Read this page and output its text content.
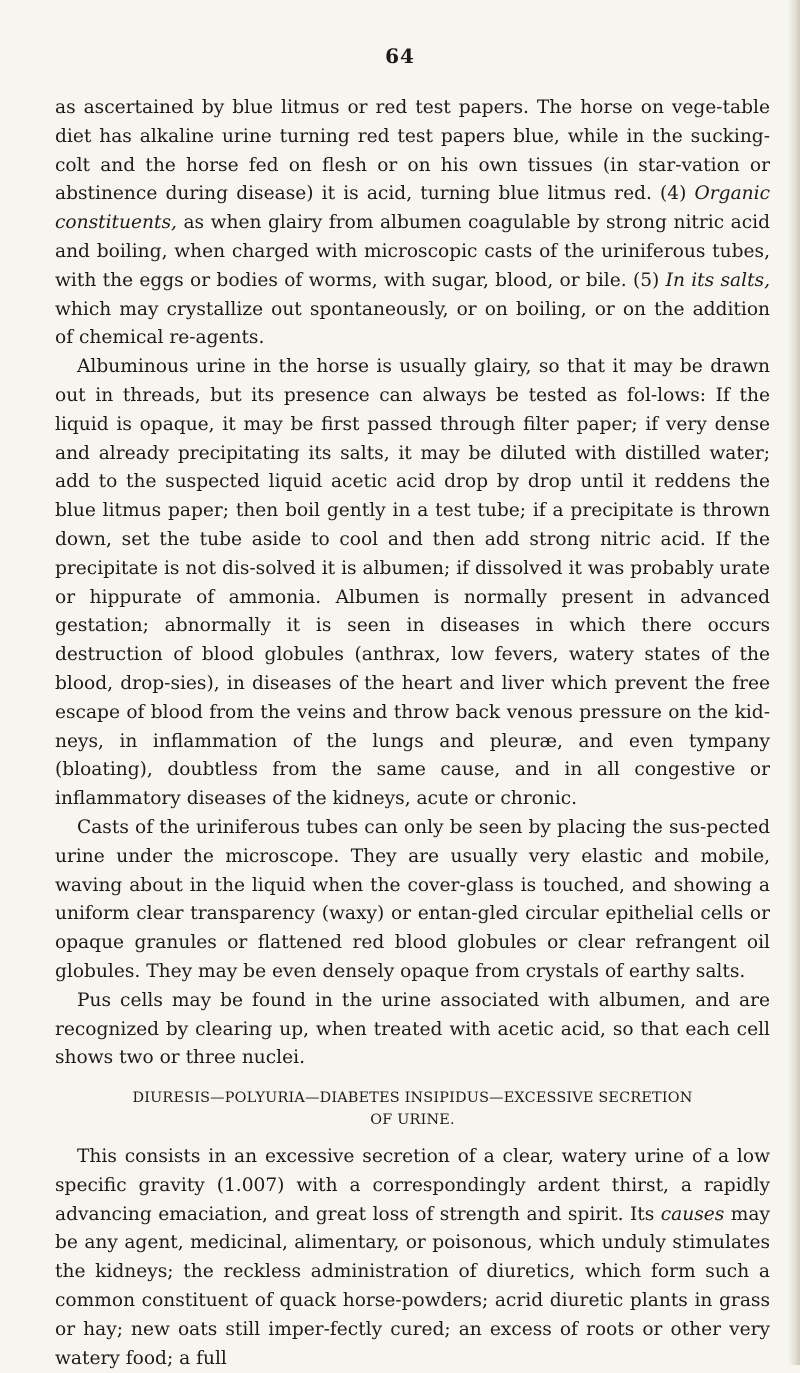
64

as ascertained by blue litmus or red test papers. The horse on vege-table diet has alkaline urine turning red test papers blue, while in the sucking-colt and the horse fed on flesh or on his own tissues (in star-vation or abstinence during disease) it is acid, turning blue litmus red. (4) Organic constituents, as when glairy from albumen coagulable by strong nitric acid and boiling, when charged with microscopic casts of the uriniferous tubes, with the eggs or bodies of worms, with sugar, blood, or bile. (5) In its salts, which may crystallize out spontaneously, or on boiling, or on the addition of chemical re-agents.

Albuminous urine in the horse is usually glairy, so that it may be drawn out in threads, but its presence can always be tested as fol-lows: If the liquid is opaque, it may be first passed through filter paper; if very dense and already precipitating its salts, it may be diluted with distilled water; add to the suspected liquid acetic acid drop by drop until it reddens the blue litmus paper; then boil gently in a test tube; if a precipitate is thrown down, set the tube aside to cool and then add strong nitric acid. If the precipitate is not dis-solved it is albumen; if dissolved it was probably urate or hippurate of ammonia. Albumen is normally present in advanced gestation; abnormally it is seen in diseases in which there occurs destruction of blood globules (anthrax, low fevers, watery states of the blood, drop-sies), in diseases of the heart and liver which prevent the free escape of blood from the veins and throw back venous pressure on the kid-neys, in inflammation of the lungs and pleuræ, and even tympany (bloating), doubtless from the same cause, and in all congestive or inflammatory diseases of the kidneys, acute or chronic.

Casts of the uriniferous tubes can only be seen by placing the sus-pected urine under the microscope. They are usually very elastic and mobile, waving about in the liquid when the cover-glass is touched, and showing a uniform clear transparency (waxy) or entan-gled circular epithelial cells or opaque granules or flattened red blood globules or clear refrangent oil globules. They may be even densely opaque from crystals of earthy salts.

Pus cells may be found in the urine associated with albumen, and are recognized by clearing up, when treated with acetic acid, so that each cell shows two or three nuclei.

DIURESIS—POLYURIA—DIABETES INSIPIDUS—EXCESSIVE SECRETION
OF URINE.

This consists in an excessive secretion of a clear, watery urine of a low specific gravity (1.007) with a correspondingly ardent thirst, a rapidly advancing emaciation, and great loss of strength and spirit. Its causes may be any agent, medicinal, alimentary, or poisonous, which unduly stimulates the kidneys; the reckless administration of diuretics, which form such a common constituent of quack horse-powders; acrid diuretic plants in grass or hay; new oats still imper-fectly cured; an excess of roots or other very watery food; a full
